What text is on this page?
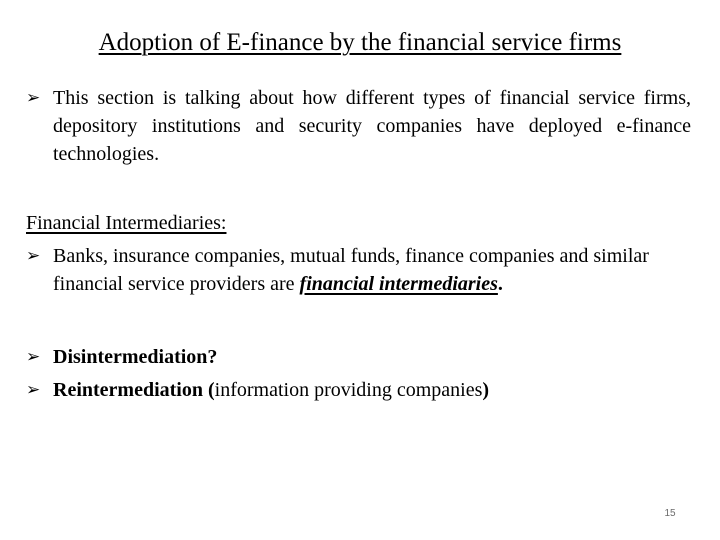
Adoption of E-finance by the financial service firms
➢ This section is talking about how different types of financial service firms, depository institutions and security companies have deployed e-finance technologies.
Financial Intermediaries:
➢ Banks, insurance companies, mutual funds, finance companies and similar financial service providers are financial intermediaries.
➢ Disintermediation?
➢ Reintermediation (information providing companies)
15
